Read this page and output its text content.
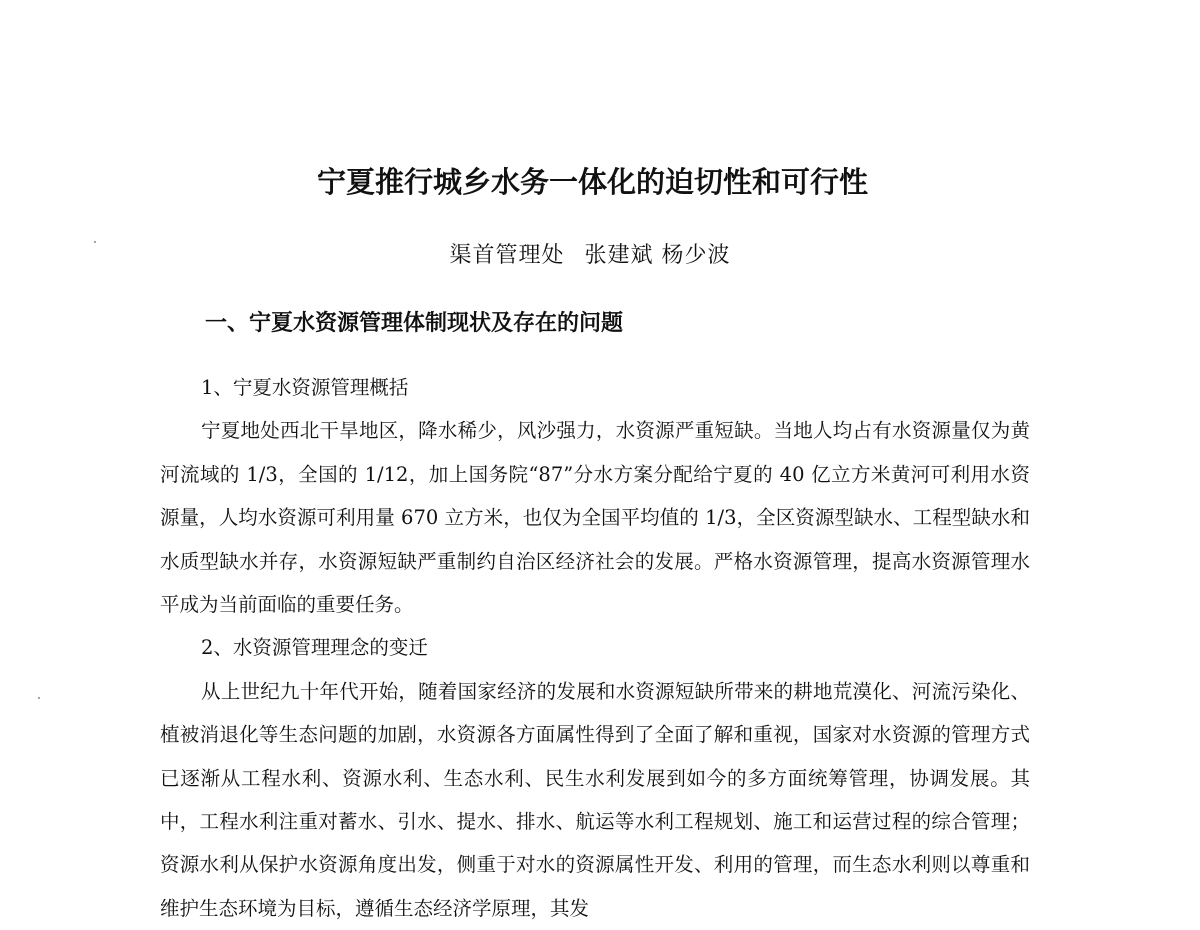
宁夏推行城乡水务一体化的迫切性和可行性
渠首管理处 张建斌 杨少波
一、宁夏水资源管理体制现状及存在的问题

1、宁夏水资源管理概括

宁夏地处西北干旱地区，降水稀少，风沙强力，水资源严重短缺。当地人均占有水资源量仅为黄河流域的 1/3，全国的 1/12，加上国务院“87”分水方案分配给宁夏的 40 亿立方米黄河可利用水资源量，人均水资源可利用量 670 立方米，也仅为全国平均值的 1/3，全区资源型缺水、工程型缺水和水质型缺水并存，水资源短缺严重制约自治区经济社会的发展。严格水资源管理，提高水资源管理水平成为当前面临的重要任务。

2、水资源管理理念的变迁

从上世纪九十年代开始，随着国家经济的发展和水资源短缺所带来的耕地荒漠化、河流污染化、植被消退化等生态问题的加剧，水资源各方面属性得到了全面了解和重视，国家对水资源的管理方式已逐渐从工程水利、资源水利、生态水利、民生水利发展到如今的多方面统筹管理，协调发展。其中，工程水利注重对蓄水、引水、提水、排水、航运等水利工程规划、施工和运营过程的综合管理；资源水利从保护水资源角度出发，侧重于对水的资源属性开发、利用的管理，而生态水利则以尊重和维护生态环境为目标，遵循生态经济学原理，其发
